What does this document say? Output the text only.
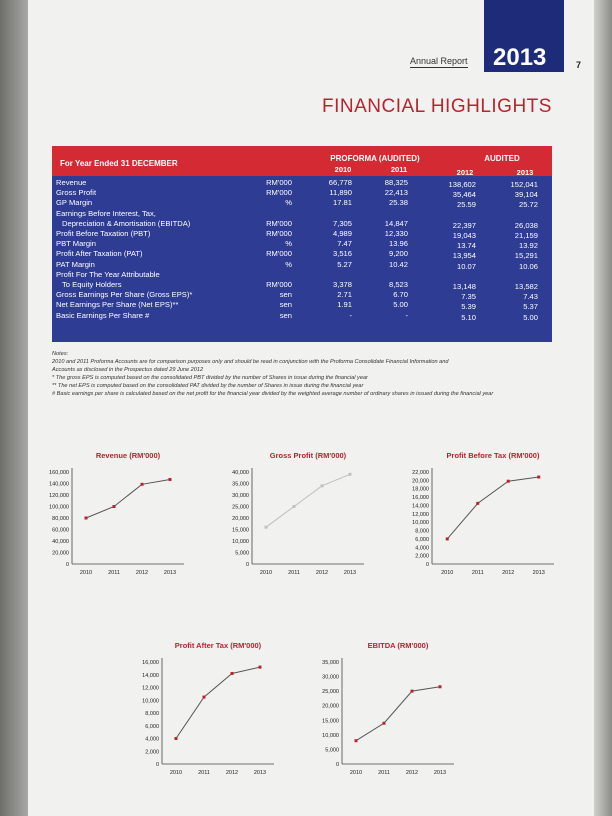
Annual Report 2013	7
FINANCIAL HIGHLIGHTS
For Year Ended 31 DECEMBER
PROFORMA (AUDITED)	AUDITED
2010	2011	2012	2013
Revenue	RM'000	66,778	88,325	138,602	152,041
Gross Profit	RM'000	11,890	22,413	35,464	39,104
GP Margin	%	17.81	25.38	25.59	25.72
Earnings Before Interest, Tax,
Depreciation & Amortisation (EBITDA)	RM'000	7,305	14,847	22,397	26,038
Profit Before Taxation (PBT)	RM'000	4,989	12,330	19,043	21,159
PBT Margin	%	7.47	13.96	13.74	13.92
Profit After Taxation (PAT)	RM'000	3,516	9,200	13,954	15,291
PAT Margin	%	5.27	10.42	10.07	10.06
Profit For The Year Attributable
To Equity Holders	RM'000	3,378	8,523	13,148	13,582
Gross Earnings Per Share (Gross EPS)*	sen	2.71	6.70	7.35	7.43
Net Earnings Per Share (Net EPS)**	sen	1.91	5.00	5.39	5.37
Basic Earnings Per Share #	sen	-	-	5.10	5.00

Notes:

2010 and 2011 Proforma Accounts are for comparison purposes only and should be read in conjunction with the Proforma Consolidate Financial Information and

Accounts as disclosed in the Prospectus dated 29 June 2012

* The gross EPS is computed based on the consolidated PBT divided by the number of Shares in issue during the financial year

** The net EPS is computed based on the consolidated PAT divided by the number of Shares in issue during the financial year

# Basic earnings per share is calculated based on the net profit for the financial year divided by the weighted average number of ordinary shares in issued during the financial year

Revenue (RM'000)
0
20,000
40,000
60,000
80,000
100,000
120,000
140,000
160,000
2010	2011	2012	2013
Gross Profit (RM'000)
0
5,000
10,000
15,000
20,000
25,000
30,000
35,000
40,000
2010	2011	2012	2013
Profit Before Tax (RM'000)
0
2,000
4,000
6,000
8,000
10,000
12,000
14,000
16,000
18,000
20,000
22,000
2010	2011	2012	2013
Profit After Tax (RM'000)
0
2,000
4,000
6,000
8,000
10,000
12,000
14,000
16,000
2010	2011	2012	2013
EBITDA (RM'000)
0
5,000
10,000
15,000
20,000
25,000
30,000
35,000
2010	2011	2012	2013
